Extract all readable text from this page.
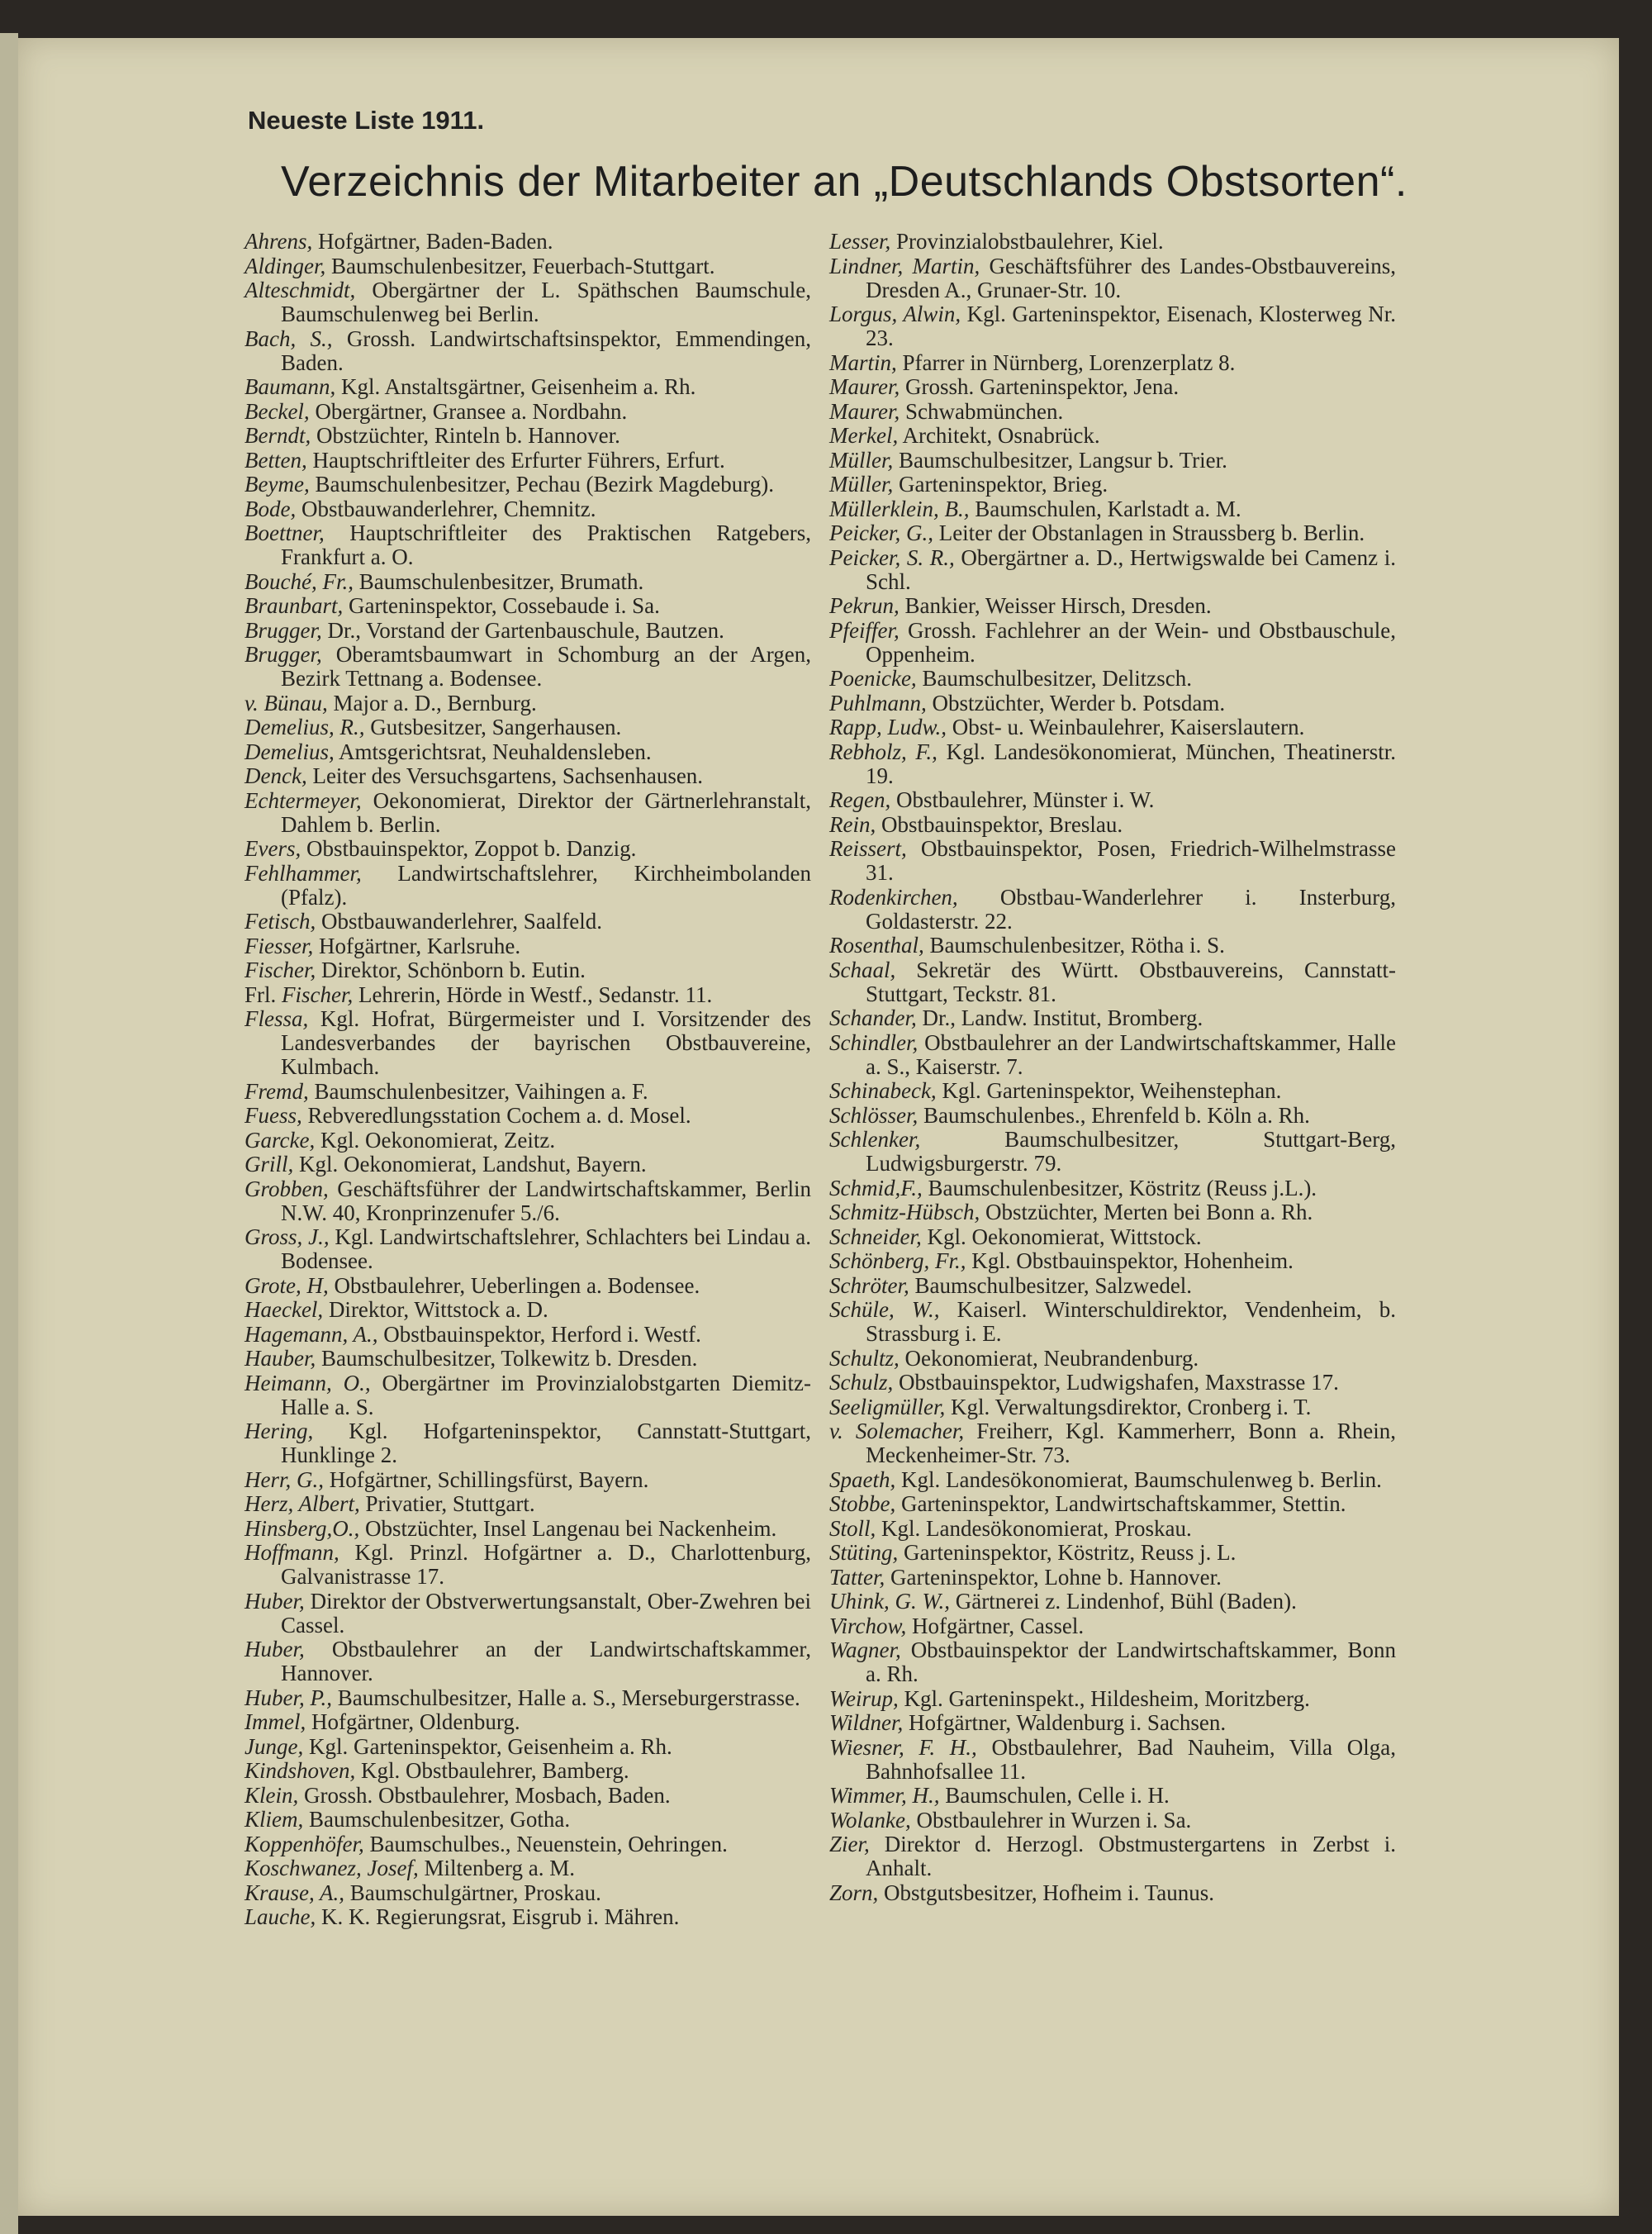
Neueste Liste 1911.
Verzeichnis der Mitarbeiter an „Deutschlands Obstsorten“.
Ahrens, Hofgärtner, Baden-Baden.
Aldinger, Baumschulenbesitzer, Feuerbach-Stuttgart.
Alteschmidt, Obergärtner der L. Späthschen Baumschule, Baumschulenweg bei Berlin.
Bach, S., Grossh. Landwirtschaftsinspektor, Emmendingen, Baden.
Baumann, Kgl. Anstaltsgärtner, Geisenheim a. Rh.
Beckel, Obergärtner, Gransee a. Nordbahn.
Berndt, Obstzüchter, Rinteln b. Hannover.
Betten, Hauptschriftleiter des Erfurter Führers, Erfurt.
Beyme, Baumschulenbesitzer, Pechau (Bezirk Magdeburg).
Bode, Obstbauwanderlehrer, Chemnitz.
Boettner, Hauptschriftleiter des Praktischen Ratgebers, Frankfurt a. O.
Bouché, Fr., Baumschulenbesitzer, Brumath.
Braunbart, Garteninspektor, Cossebaude i. Sa.
Brugger, Dr., Vorstand der Gartenbauschule, Bautzen.
Brugger, Oberamtsbaumwart in Schomburg an der Argen, Bezirk Tettnang a. Bodensee.
v. Bünau, Major a. D., Bernburg.
Demelius, R., Gutsbesitzer, Sangerhausen.
Demelius, Amtsgerichtsrat, Neuhaldensleben.
Denck, Leiter des Versuchsgartens, Sachsenhausen.
Echtermeyer, Oekonomierat, Direktor der Gärtnerlehranstalt, Dahlem b. Berlin.
Evers, Obstbauinspektor, Zoppot b. Danzig.
Fehlhammer, Landwirtschaftslehrer, Kirchheimbolanden (Pfalz).
Fetisch, Obstbauwanderlehrer, Saalfeld.
Fiesser, Hofgärtner, Karlsruhe.
Fischer, Direktor, Schönborn b. Eutin.
Frl. Fischer, Lehrerin, Hörde in Westf., Sedanstr. 11.
Flessa, Kgl. Hofrat, Bürgermeister und I. Vorsitzender des Landesverbandes der bayrischen Obstbauvereine, Kulmbach.
Fremd, Baumschulenbesitzer, Vaihingen a. F.
Fuess, Rebveredlungsstation Cochem a. d. Mosel.
Garcke, Kgl. Oekonomierat, Zeitz.
Grill, Kgl. Oekonomierat, Landshut, Bayern.
Grobben, Geschäftsführer der Landwirtschaftskammer, Berlin N.W. 40, Kronprinzenufer 5./6.
Gross, J., Kgl. Landwirtschaftslehrer, Schlachters bei Lindau a. Bodensee.
Grote, H, Obstbaulehrer, Ueberlingen a. Bodensee.
Haeckel, Direktor, Wittstock a. D.
Hagemann, A., Obstbauinspektor, Herford i. Westf.
Hauber, Baumschulbesitzer, Tolkewitz b. Dresden.
Heimann, O., Obergärtner im Provinzialobstgarten Diemitz-Halle a. S.
Hering, Kgl. Hofgarteninspektor, Cannstatt-Stuttgart, Hunklinge 2.
Herr, G., Hofgärtner, Schillingsfürst, Bayern.
Herz, Albert, Privatier, Stuttgart.
Hinsberg,O., Obstzüchter, Insel Langenau bei Nackenheim.
Hoffmann, Kgl. Prinzl. Hofgärtner a. D., Charlottenburg, Galvanistrasse 17.
Huber, Direktor der Obstverwertungsanstalt, Ober-Zwehren bei Cassel.
Huber, Obstbaulehrer an der Landwirtschaftskammer, Hannover.
Huber, P., Baumschulbesitzer, Halle a. S., Merseburgerstrasse.
Immel, Hofgärtner, Oldenburg.
Junge, Kgl. Garteninspektor, Geisenheim a. Rh.
Kindshoven, Kgl. Obstbaulehrer, Bamberg.
Klein, Grossh. Obstbaulehrer, Mosbach, Baden.
Kliem, Baumschulenbesitzer, Gotha.
Koppenhöfer, Baumschulbes., Neuenstein, Oehringen.
Koschwanez, Josef, Miltenberg a. M.
Krause, A., Baumschulgärtner, Proskau.
Lauche, K. K. Regierungsrat, Eisgrub i. Mähren.
Lesser, Provinzialobstbaulehrer, Kiel.
Lindner, Martin, Geschäftsführer des Landes-Obstbauvereins, Dresden A., Grunaer-Str. 10.
Lorgus, Alwin, Kgl. Garteninspektor, Eisenach, Klosterweg Nr. 23.
Martin, Pfarrer in Nürnberg, Lorenzerplatz 8.
Maurer, Grossh. Garteninspektor, Jena.
Maurer, Schwabmünchen.
Merkel, Architekt, Osnabrück.
Müller, Baumschulbesitzer, Langsur b. Trier.
Müller, Garteninspektor, Brieg.
Müllerklein, B., Baumschulen, Karlstadt a. M.
Peicker, G., Leiter der Obstanlagen in Straussberg b. Berlin.
Peicker, S. R., Obergärtner a. D., Hertwigswalde bei Camenz i. Schl.
Pekrun, Bankier, Weisser Hirsch, Dresden.
Pfeiffer, Grossh. Fachlehrer an der Wein- und Obstbauschule, Oppenheim.
Poenicke, Baumschulbesitzer, Delitzsch.
Puhlmann, Obstzüchter, Werder b. Potsdam.
Rapp, Ludw., Obst- u. Weinbaulehrer, Kaiserslautern.
Rebholz, F., Kgl. Landesökonomierat, München, Theatinerstr. 19.
Regen, Obstbaulehrer, Münster i. W.
Rein, Obstbauinspektor, Breslau.
Reissert, Obstbauinspektor, Posen, Friedrich-Wilhelmstrasse 31.
Rodenkirchen, Obstbau-Wanderlehrer i. Insterburg, Goldasterstr. 22.
Rosenthal, Baumschulenbesitzer, Rötha i. S.
Schaal, Sekretär des Württ. Obstbauvereins, Cannstatt-Stuttgart, Teckstr. 81.
Schander, Dr., Landw. Institut, Bromberg.
Schindler, Obstbaulehrer an der Landwirtschaftskammer, Halle a. S., Kaiserstr. 7.
Schinabeck, Kgl. Garteninspektor, Weihenstephan.
Schlösser, Baumschulenbes., Ehrenfeld b. Köln a. Rh.
Schlenker, Baumschulbesitzer, Stuttgart-Berg, Ludwigsburgerstr. 79.
Schmid,F., Baumschulenbesitzer, Köstritz (Reuss j.L.).
Schmitz-Hübsch, Obstzüchter, Merten bei Bonn a. Rh.
Schneider, Kgl. Oekonomierat, Wittstock.
Schönberg, Fr., Kgl. Obstbauinspektor, Hohenheim.
Schröter, Baumschulbesitzer, Salzwedel.
Schüle, W., Kaiserl. Winterschuldirektor, Vendenheim, b. Strassburg i. E.
Schultz, Oekonomierat, Neubrandenburg.
Schulz, Obstbauinspektor, Ludwigshafen, Maxstrasse 17.
Seeligmüller, Kgl. Verwaltungsdirektor, Cronberg i. T.
v. Solemacher, Freiherr, Kgl. Kammerherr, Bonn a. Rhein, Meckenheimer-Str. 73.
Spaeth, Kgl. Landesökonomierat, Baumschulenweg b. Berlin.
Stobbe, Garteninspektor, Landwirtschaftskammer, Stettin.
Stoll, Kgl. Landesökonomierat, Proskau.
Stüting, Garteninspektor, Köstritz, Reuss j. L.
Tatter, Garteninspektor, Lohne b. Hannover.
Uhink, G. W., Gärtnerei z. Lindenhof, Bühl (Baden).
Virchow, Hofgärtner, Cassel.
Wagner, Obstbauinspektor der Landwirtschaftskammer, Bonn a. Rh.
Weirup, Kgl. Garteninspekt., Hildesheim, Moritzberg.
Wildner, Hofgärtner, Waldenburg i. Sachsen.
Wiesner, F. H., Obstbaulehrer, Bad Nauheim, Villa Olga, Bahnhofsallee 11.
Wimmer, H., Baumschulen, Celle i. H.
Wolanke, Obstbaulehrer in Wurzen i. Sa.
Zier, Direktor d. Herzogl. Obstmustergartens in Zerbst i. Anhalt.
Zorn, Obstgutsbesitzer, Hofheim i. Taunus.
